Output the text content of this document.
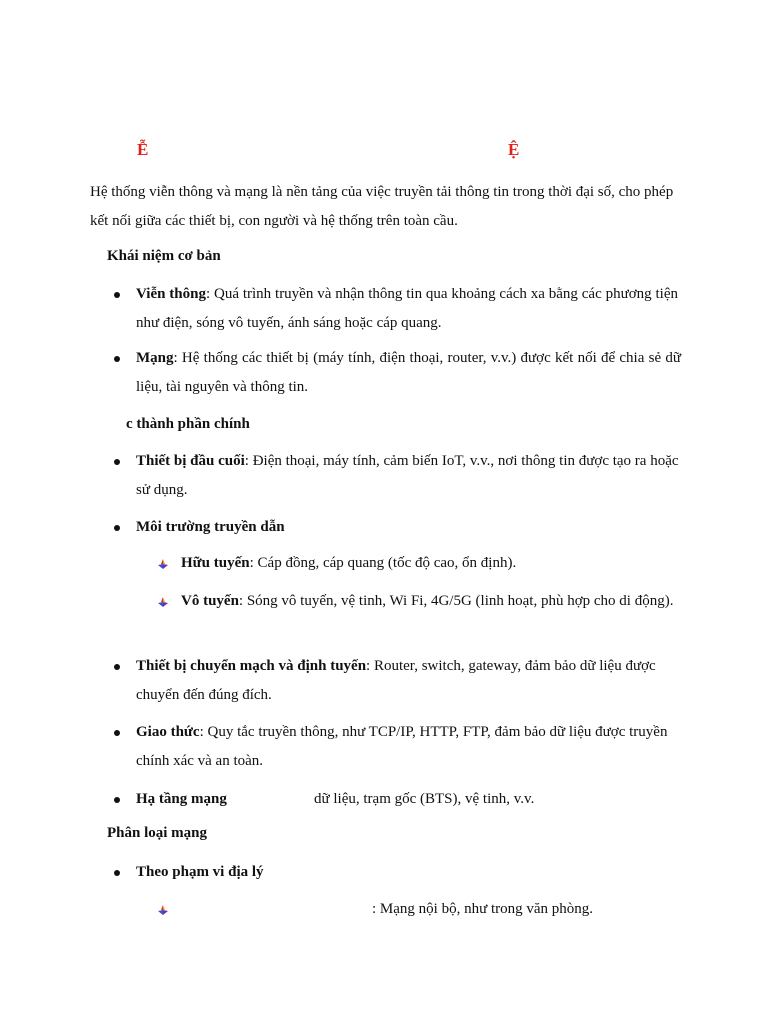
Ễ	Ệ
Hệ thống viễn thông và mạng là nền tảng của việc truyền tải thông tin trong thời đại số, cho phép kết nối giữa các thiết bị, con người và hệ thống trên toàn cầu.
Khái niệm cơ bản
Viễn thông: Quá trình truyền và nhận thông tin qua khoảng cách xa bằng các phương tiện như điện, sóng vô tuyến, ánh sáng hoặc cáp quang.
Mạng: Hệ thống các thiết bị (máy tính, điện thoại, router, v.v.) được kết nối để chia sẻ dữ liệu, tài nguyên và thông tin.
c thành phần chính
Thiết bị đầu cuối: Điện thoại, máy tính, cảm biến IoT, v.v., nơi thông tin được tạo ra hoặc sử dụng.
Môi trường truyền dẫn
Hữu tuyến: Cáp đồng, cáp quang (tốc độ cao, ổn định).
Vô tuyến: Sóng vô tuyến, vệ tinh, Wi Fi, 4G/5G (linh hoạt, phù hợp cho di động).
Thiết bị chuyển mạch và định tuyến: Router, switch, gateway, đảm bảo dữ liệu được chuyển đến đúng đích.
Giao thức: Quy tắc truyền thông, như TCP/IP, HTTP, FTP, đảm bảo dữ liệu được truyền chính xác và an toàn.
Hạ tầng mạng	dữ liệu, trạm gốc (BTS), vệ tinh, v.v.
Phân loại mạng
Theo phạm vi địa lý
: Mạng nội bộ, như trong văn phòng.
